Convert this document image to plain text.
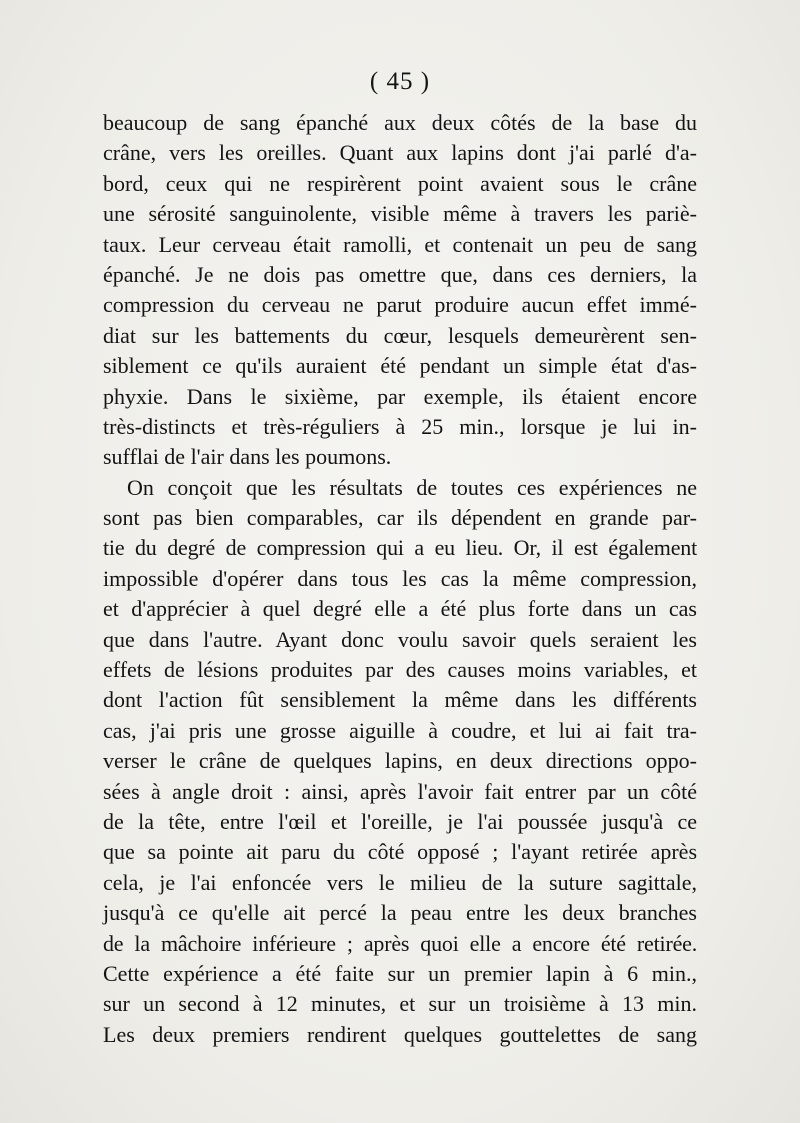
( 45 )
beaucoup de sang épanché aux deux côtés de la base du
crâne, vers les oreilles. Quant aux lapins dont j'ai parlé d'a-
bord, ceux qui ne respirèrent point avaient sous le crâne
une sérosité sanguinolente, visible même à travers les pariè-
taux. Leur cerveau était ramolli, et contenait un peu de sang
épanché. Je ne dois pas omettre que, dans ces derniers, la
compression du cerveau ne parut produire aucun effet immé-
diat sur les battements du cœur, lesquels demeurèrent sen-
siblement ce qu'ils auraient été pendant un simple état d'as-
phyxie. Dans le sixième, par exemple, ils étaient encore
très-distincts et très-réguliers à 25 min., lorsque je lui in-
sufflai de l'air dans les poumons.
On conçoit que les résultats de toutes ces expériences ne
sont pas bien comparables, car ils dépendent en grande par-
tie du degré de compression qui a eu lieu. Or, il est également
impossible d'opérer dans tous les cas la même compression,
et d'apprécier à quel degré elle a été plus forte dans un cas
que dans l'autre. Ayant donc voulu savoir quels seraient les
effets de lésions produites par des causes moins variables, et
dont l'action fût sensiblement la même dans les différents
cas, j'ai pris une grosse aiguille à coudre, et lui ai fait tra-
verser le crâne de quelques lapins, en deux directions oppo-
sées à angle droit : ainsi, après l'avoir fait entrer par un côté
de la tête, entre l'œil et l'oreille, je l'ai poussée jusqu'à ce
que sa pointe ait paru du côté opposé ; l'ayant retirée après
cela, je l'ai enfoncée vers le milieu de la suture sagittale,
jusqu'à ce qu'elle ait percé la peau entre les deux branches
de la mâchoire inférieure ; après quoi elle a encore été retirée.
Cette expérience a été faite sur un premier lapin à 6 min.,
sur un second à 12 minutes, et sur un troisième à 13 min.
Les deux premiers rendirent quelques gouttelettes de sang
